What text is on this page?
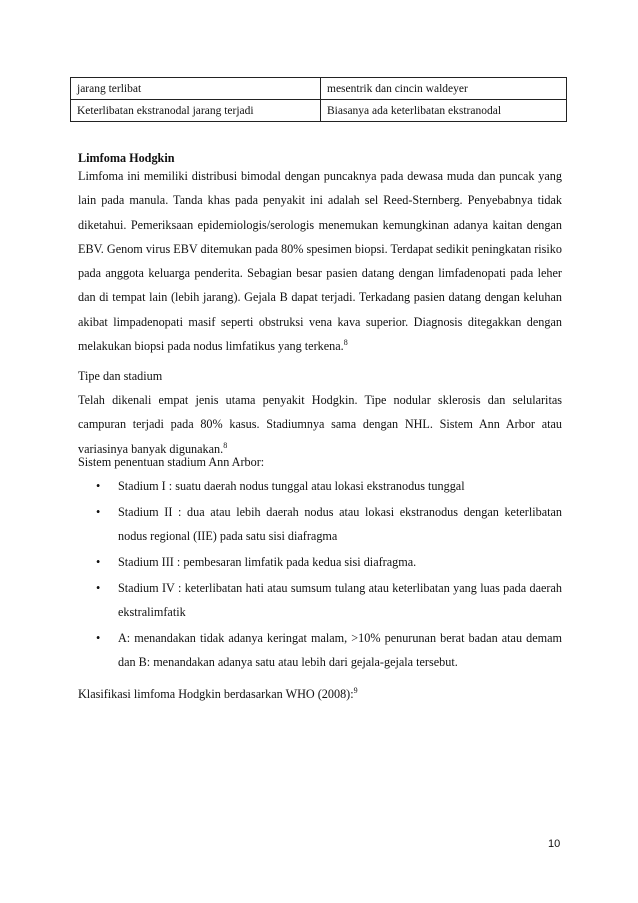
jarang terlibat	mesentrik dan cincin waldeyer
Keterlibatan ekstranodal jarang terjadi	Biasanya ada keterlibatan ekstranodal

Limfoma Hodgkin

Limfoma ini memiliki distribusi bimodal dengan puncaknya pada dewasa muda dan puncak yang lain pada manula. Tanda khas pada penyakit ini adalah sel Reed-Sternberg. Penyebabnya tidak diketahui. Pemeriksaan epidemiologis/serologis menemukan kemungkinan adanya kaitan dengan EBV. Genom virus EBV ditemukan pada 80% spesimen biopsi. Terdapat sedikit peningkatan risiko pada anggota keluarga penderita. Sebagian besar pasien datang dengan limfadenopati pada leher dan di tempat lain (lebih jarang). Gejala B dapat terjadi. Terkadang pasien datang dengan keluhan akibat limpadenopati masif seperti obstruksi vena kava superior. Diagnosis ditegakkan dengan melakukan biopsi pada nodus limfatikus yang terkena.$^8$

Tipe dan stadium

Telah dikenali empat jenis utama penyakit Hodgkin. Tipe nodular sklerosis dan selularitas campuran terjadi pada 80% kasus. Stadiumnya sama dengan NHL. Sistem Ann Arbor atau variasinya banyak digunakan.$^8$

Sistem penentuan stadium Ann Arbor:

• Stadium I : suatu daerah nodus tunggal atau lokasi ekstranodus tunggal
• Stadium II : dua atau lebih daerah nodus atau lokasi ekstranodus dengan keterlibatan nodus regional (IIE) pada satu sisi diafragma
• Stadium III : pembesaran limfatik pada kedua sisi diafragma.
• Stadium IV : keterlibatan hati atau sumsum tulang atau keterlibatan yang luas pada daerah ekstralimfatik
• A: menandakan tidak adanya keringat malam, >10% penurunan berat badan atau demam dan B: menandakan adanya satu atau lebih dari gejala-gejala tersebut.

Klasifikasi limfoma Hodgkin berdasarkan WHO (2008):$^9$

10
